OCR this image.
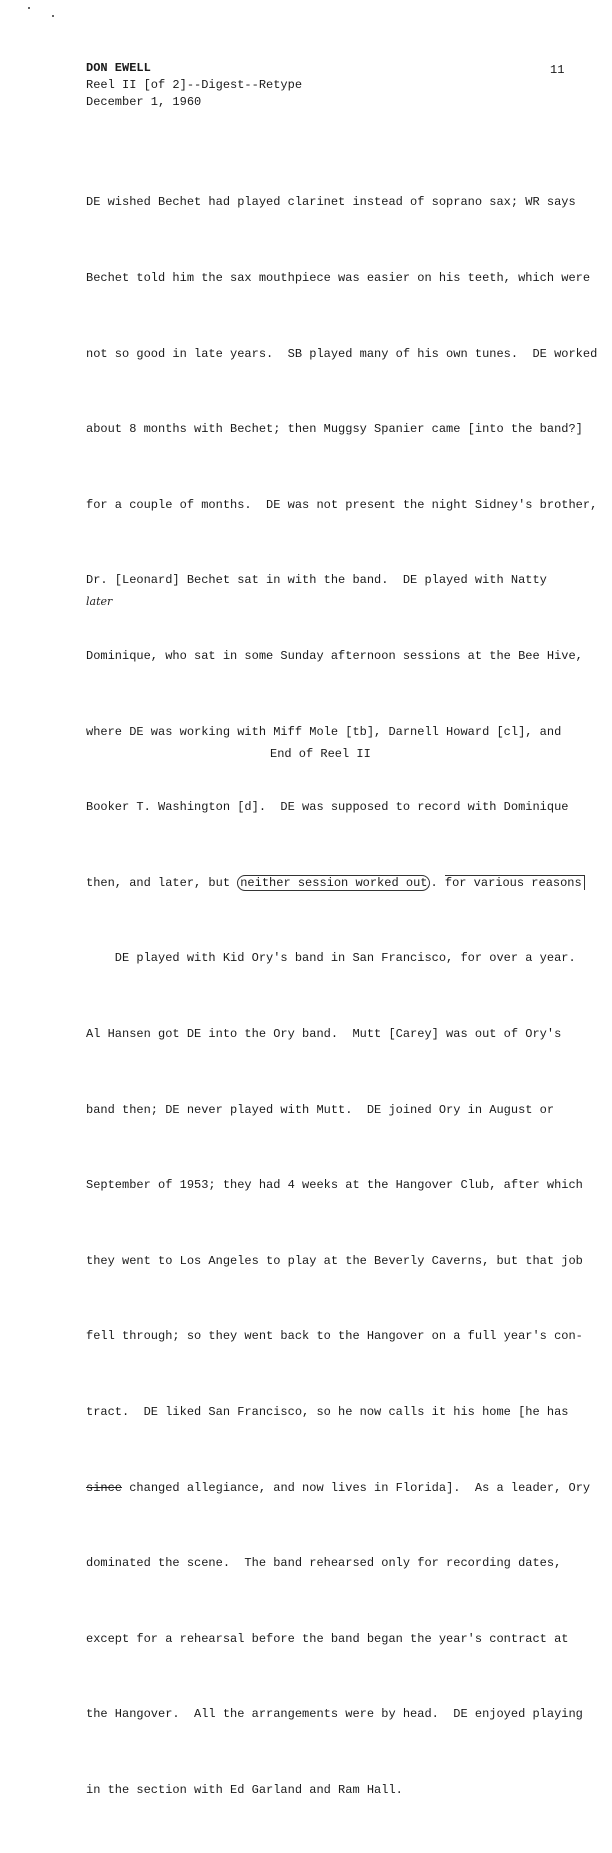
DON EWELL
Reel II [of 2]--Digest--Retype
December 1, 1960
11

DE wished Bechet had played clarinet instead of soprano sax; WR says

Bechet told him the sax mouthpiece was easier on his teeth, which were

not so good in late years.  SB played many of his own tunes.  DE worked

about 8 months with Bechet; then Muggsy Spanier came [into the band?]

for a couple of months.  DE was not present the night Sidney's brother,

Dr. [Leonard] Bechet sat in with the band.  DE played with Natty

Dominique, who sat in some Sunday afternoon sessions at the Bee Hive,

where DE was working with Miff Mole [tb], Darnell Howard [cl], and

Booker T. Washington [d].  DE was supposed to record with Dominique

then, and later, but neither session worked out . for various reasons

DE played with Kid Ory's band in San Francisco, for over a year.

Al Hansen got DE into the Ory band.  Mutt [Carey] was out of Ory's

band then; DE never played with Mutt.  DE joined Ory in August or

September of 1953; they had 4 weeks at the Hangover Club, after which

they went to Los Angeles to play at the Beverly Caverns, but that job

fell through; so they went back to the Hangover on a full year's con-

tract.  DE liked San Francisco, so he now calls it his home [he has

since changed allegiance, and now lives in Florida].  As a leader, Ory

dominated the scene.  The band rehearsed only for recording dates,

except for a rehearsal before the band began the year's contract at

the Hangover.  All the arrangements were by head.  DE enjoyed playing

in the section with Ed Garland and Ram Hall.

later
End of Reel II
